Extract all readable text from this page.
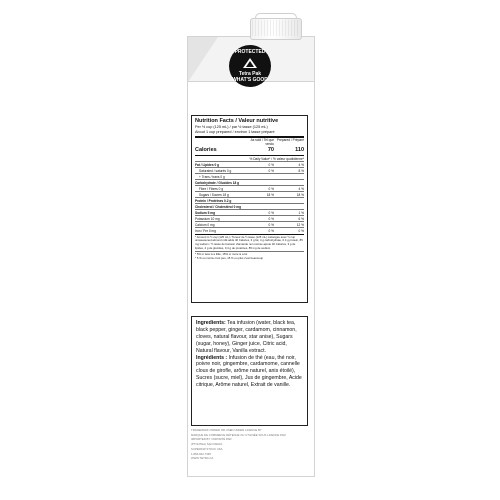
PROTECTED
Tetra Pak
WHAT'S GOOD
Nutrition Facts / Valeur nutritive
Per ½ cup (125 mL) / par ½ tasse (125 mL)
About 1 cup prepared / environ 1 tasse préparé
As sold / Tel que vendu
Prepared / Préparé
Calories	70	110
% Daily Value* / % valeur quotidienne*
Fat / Lipides 0 g	0 %	4 %
Saturated / saturés 0 g	0 %	8 %
+ Trans / trans 0 g
Carbohydrate / Glucides 18 g
Fibre / Fibres 0 g	0 %	4 %
Sugars / Sucres 18 g	18 %	18 %
Protein / Protéines 0.2 g
Cholesterol / Cholestérol 0 mg
Sodium 5 mg	0 %	1 %
Potassium 10 mg	0 %	6 %
Calcium 0 mg	0 %	12 %
Iron / Fer 0 mg	0 %	0 %
* Amount in ½ cup (125 mL) / Teneur de ½ tasse (125 mL) mélangée avec ½ cup unsweetened almond milk adds 40 Calories, 3 g fat, 4 g carbohydrate, 0.4 g protein, 85 mg sodium / ½ tasse de boisson d'amande non sucrée ajoute 40 Calories, 3 g de lipides, 4 g de glucides, 0,4 g de protéines, 85 mg de sodium
* 5% or less is a little, 15% or more is a lot
* 5 % ou moins c'est peu, 15 % ou plus c'est beaucoup
Ingredients: Tea infusion (water, black tea, black pepper, ginger, cardamom, cinnamon, cloves, natural flavour, star anise), Sugars (sugar, honey), Ginger juice, Citric acid, Natural flavour, Vanilla extract.
Ingrédients : Infusion de thé (eau, thé noir, poivre noir, gingembre, cardamome, cannelle clous de girofle, arôme naturel, anis étoilé), Sucres (sucre, miel), Jus de gingembre, Acide citrique, Arôme naturel, Extrait de vanille.
TRADEMARK OWNED OR USED UNDER LICENCE BY
MARQUE DE COMMERCE DÉTENUE OU UTILISÉE SOUS LICENCE PAR
IMPORTED BY / IMPORTÉ PAR
(PTOHTEA) SAN DIEGO
SUPERIOR STOCK USA
1-866-842-7395
WWW.TETRA.CA
